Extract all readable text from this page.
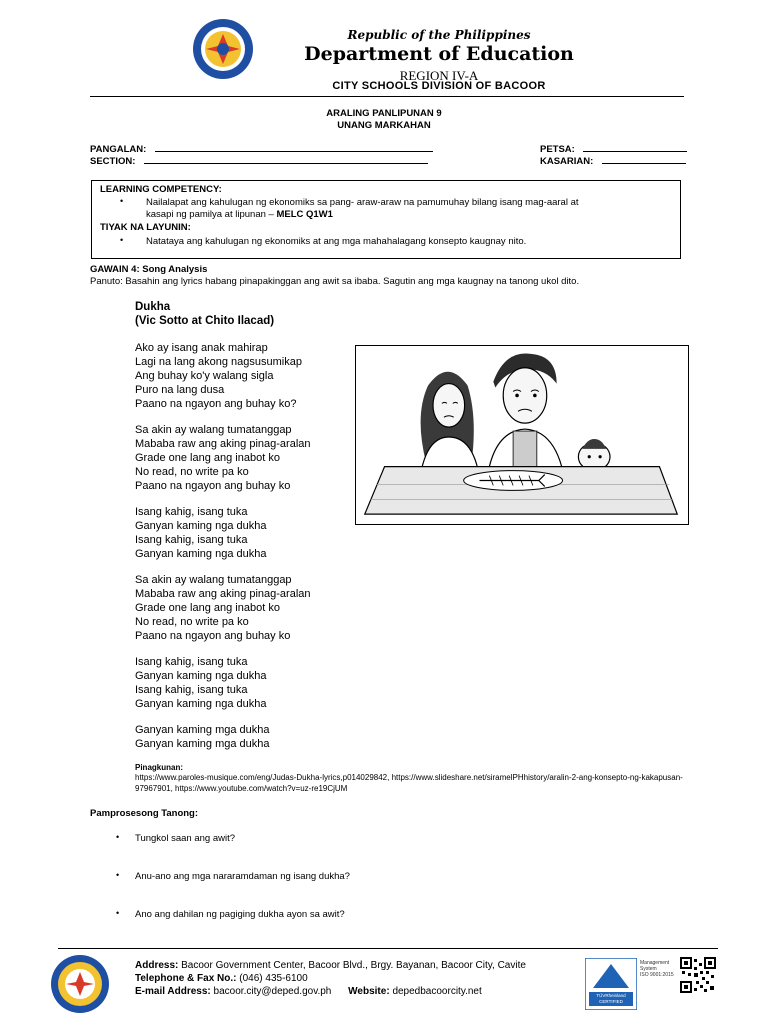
Republic of the Philippines
Department of Education
REGION IV-A
CITY SCHOOLS DIVISION OF BACOOR
ARALING PANLIPUNAN 9
UNANG MARKAHAN
PANGALAN:
SECTION:
PETSA:
KASARIAN:
LEARNING COMPETENCY:
• Nailalapat ang kahulugan ng ekonomiks sa pang- araw-araw na pamumuhay bilang isang mag-aaral at
kasapi ng pamilya at lipunan – MELC Q1W1
TIYAK NA LAYUNIN:
• Natataya ang kahulugan ng ekonomiks at ang mga mahahalagang konsepto kaugnay nito.
GAWAIN 4: Song Analysis
Panuto: Basahin ang lyrics habang pinapakinggan ang awit sa ibaba. Sagutin ang mga kaugnay na tanong ukol dito.
Dukha
(Vic Sotto at Chito Ilacad)
Ako ay isang anak mahirap
Lagi na lang akong nagsusumikap
Ang buhay ko'y walang sigla
Puro na lang dusa
Paano na ngayon ang buhay ko?
Sa akin ay walang tumatanggap
Mababa raw ang aking pinag-aralan
Grade one lang ang inabot ko
No read, no write pa ko
Paano na ngayon ang buhay ko
Isang kahig, isang tuka
Ganyan kaming nga dukha
Isang kahig, isang tuka
Ganyan kaming nga dukha
Sa akin ay walang tumatanggap
Mababa raw ang aking pinag-aralan
Grade one lang ang inabot ko
No read, no write pa ko
Paano na ngayon ang buhay ko
Isang kahig, isang tuka
Ganyan kaming nga dukha
Isang kahig, isang tuka
Ganyan kaming nga dukha
Ganyan kaming mga dukha
Ganyan kaming mga dukha
Pinagkunan:
https://www.paroles-musique.com/eng/Judas-Dukha-lyrics,p014029842, https://www.slideshare.net/siramelPHhistory/aralin-2-ang-konsepto-ng-kakapusan-97967901, https://www.youtube.com/watch?v=uz-re19CjUM
Pamprosesong Tanong:
• Tungkol saan ang awit?
• Anu-ano ang mga nararamdaman ng isang dukha?
• Ano ang dahilan ng pagiging dukha ayon sa awit?
Address: Bacoor Government Center, Bacoor Blvd., Brgy. Bayanan, Bacoor City, Cavite
Telephone & Fax No.: (046) 435-6100
E-mail Address: bacoor.city@deped.gov.ph Website: depedbacoorcity.net	TÜVRheinland
CERTIFIED
Management
System
ISO 9001:2015
